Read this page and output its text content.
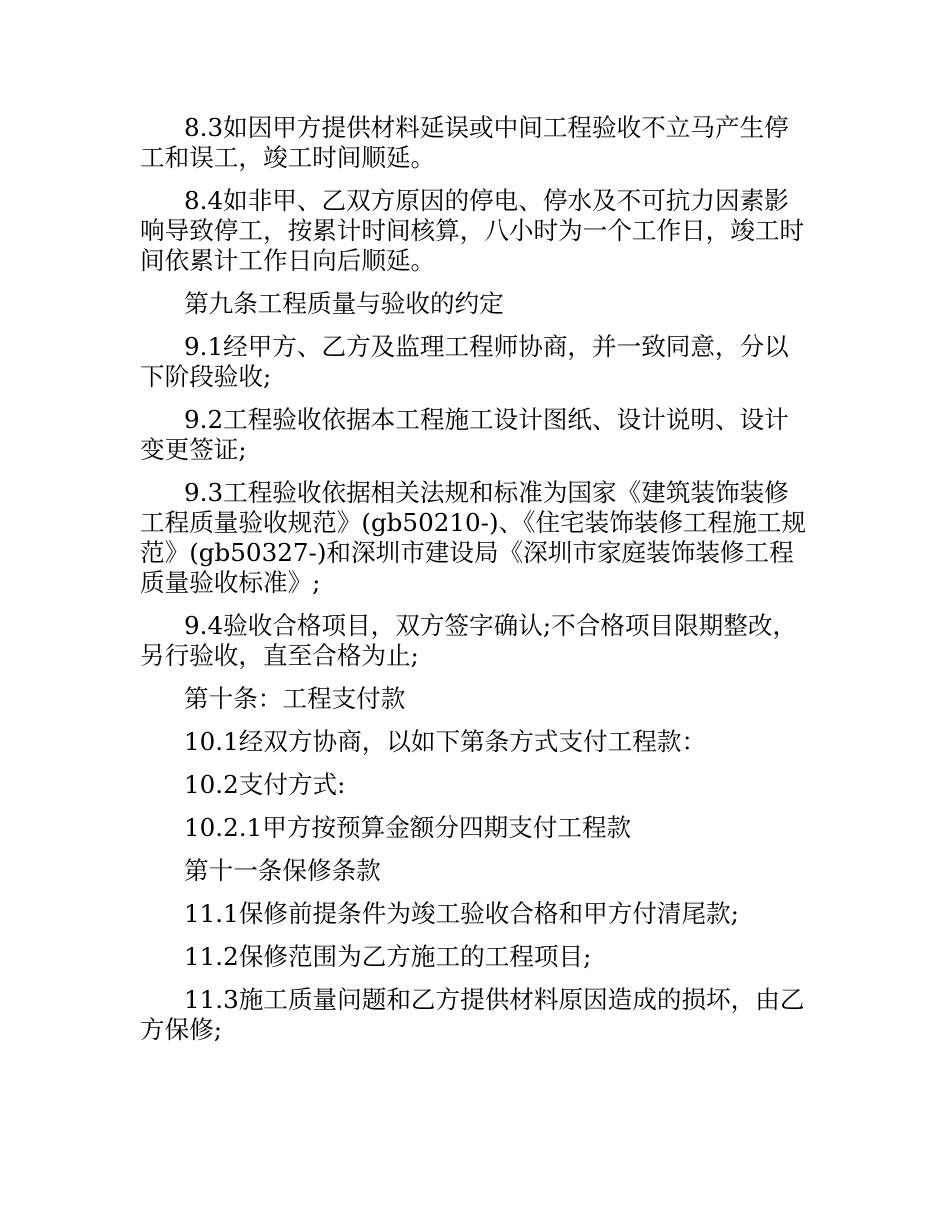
8.3如因甲方提供材料延误或中间工程验收不立马产生停工和误工，竣工时间顺延。

8.4如非甲、乙双方原因的停电、停水及不可抗力因素影响导致停工，按累计时间核算，八小时为一个工作日，竣工时间依累计工作日向后顺延。

第九条工程质量与验收的约定

9.1经甲方、乙方及监理工程师协商，并一致同意，分以下阶段验收;

9.2工程验收依据本工程施工设计图纸、设计说明、设计变更签证;

9.3工程验收依据相关法规和标准为国家《建筑装饰装修工程质量验收规范》(gb50210-)、《住宅装饰装修工程施工规范》(gb50327-)和深圳市建设局《深圳市家庭装饰装修工程质量验收标准》;

9.4验收合格项目，双方签字确认;不合格项目限期整改，另行验收，直至合格为止;

第十条：工程支付款

10.1经双方协商，以如下第条方式支付工程款：

10.2支付方式:

10.2.1甲方按预算金额分四期支付工程款

第十一条保修条款

11.1保修前提条件为竣工验收合格和甲方付清尾款;

11.2保修范围为乙方施工的工程项目;

11.3施工质量问题和乙方提供材料原因造成的损坏，由乙方保修;
